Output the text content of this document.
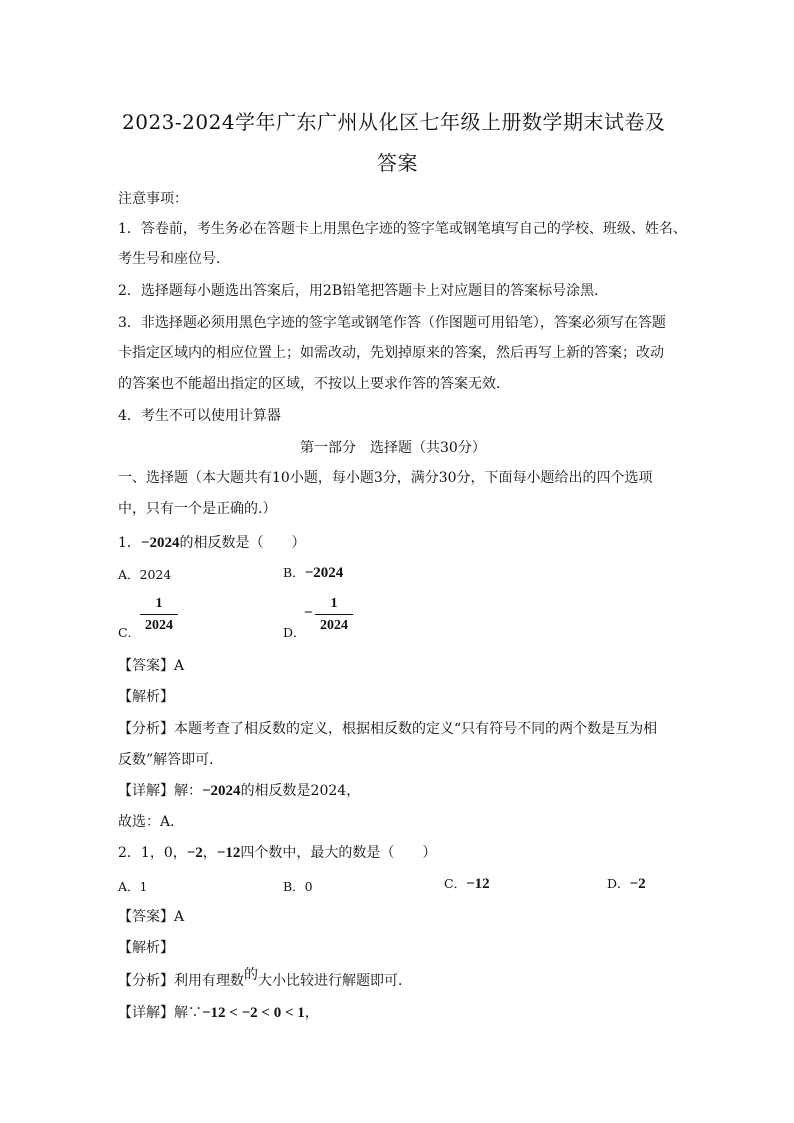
2023-2024学年广东广州从化区七年级上册数学期末试卷及
答案
注意事项：
1．答卷前，考生务必在答题卡上用黑色字迹的签字笔或钢笔填写自己的学校、班级、姓名、
考生号和座位号．
2．选择题每小题选出答案后，用2B铅笔把答题卡上对应题目的答案标号涂黑．
3．非选择题必须用黑色字迹的签字笔或钢笔作答（作图题可用铅笔），答案必须写在答题
卡指定区域内的相应位置上；如需改动，先划掉原来的答案，然后再写上新的答案；改动
的答案也不能超出指定的区域，不按以上要求作答的答案无效．
4．考生不可以使用计算器
第一部分　选择题（共30分）
一、选择题（本大题共有10小题，每小题3分，满分30分，下面每小题给出的四个选项
中，只有一个是正确的.）
1．−2024的相反数是（　　）
A．2024	B．−2024
C．
1
2024	D．
−
1
2024
【答案】A
【解析】
【分析】本题考查了相反数的定义，根据相反数的定义“只有符号不同的两个数是互为相
反数”解答即可．
【详解】解：−2024的相反数是2024，
故选：A．
2．1，0，−2，−12四个数中，最大的数是（　　）
A．1	B．0	C．−12	D．−2
【答案】A
【解析】
【分析】利用有理数的大小比较进行解题即可．
【详解】解∵−12 < −2 < 0 < 1，
